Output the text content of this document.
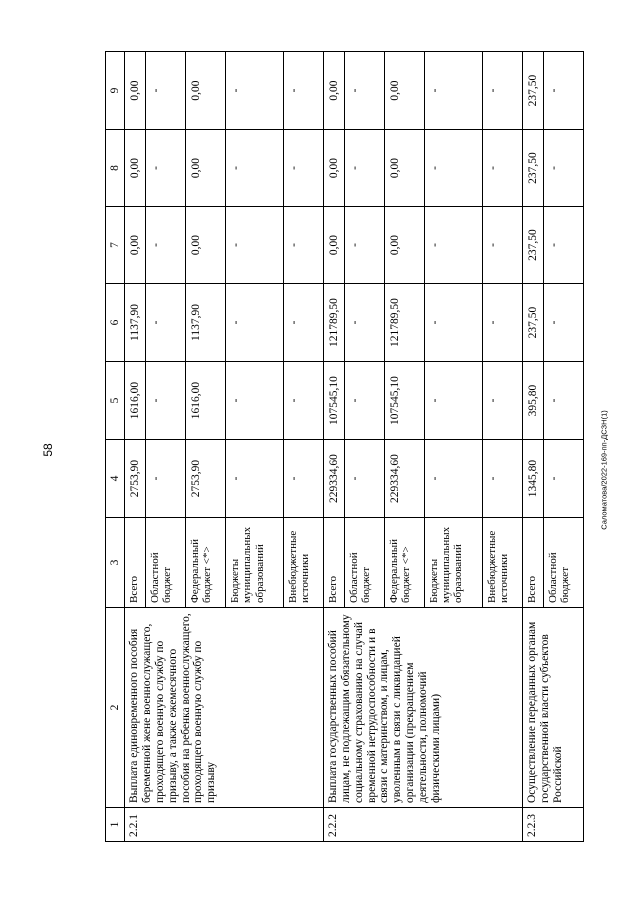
58	Саломатова/2022-169-пп-ДСЗН(1)
1	2	3	4	5	6	7	8	9
2.2.1	Выплата единовременного пособия беременной жене военнослужащего, проходящего военную службу по призыву, а также ежемесячного пособия на ребенка военнослужащего, проходящего военную службу по призыву	Всего	2753,90	1616,00	1137,90	0,00	0,00	0,00
		Областной бюджет	-	-	-	-	-	-
		Федеральный бюджет <*>	2753,90	1616,00	1137,90	0,00	0,00	0,00
		Бюджеты муниципальных образований	-	-	-	-	-	-
		Внебюджетные источники	-	-	-	-	-	-
2.2.2	Выплата государственных пособий лицам, не подлежащим обязательному социальному страхованию на случай временной нетрудоспособности и в связи с материнством, и лицам, уволенным в связи с ликвидацией организации (прекращением деятельности, полномочий физическими лицами)	Всего	229334,60	107545,10	121789,50	0,00	0,00	0,00
		Областной бюджет	-	-	-	-	-	-
		Федеральный бюджет <*>	229334,60	107545,10	121789,50	0,00	0,00	0,00
		Бюджеты муниципальных образований	-	-	-	-	-	-
		Внебюджетные источники	-	-	-	-	-	-
2.2.3	Осуществление переданных органам государственной власти субъектов Российской	Всего	1345,80	395,80	237,50	237,50	237,50	237,50
		Областной бюджет	-	-	-	-	-	-
